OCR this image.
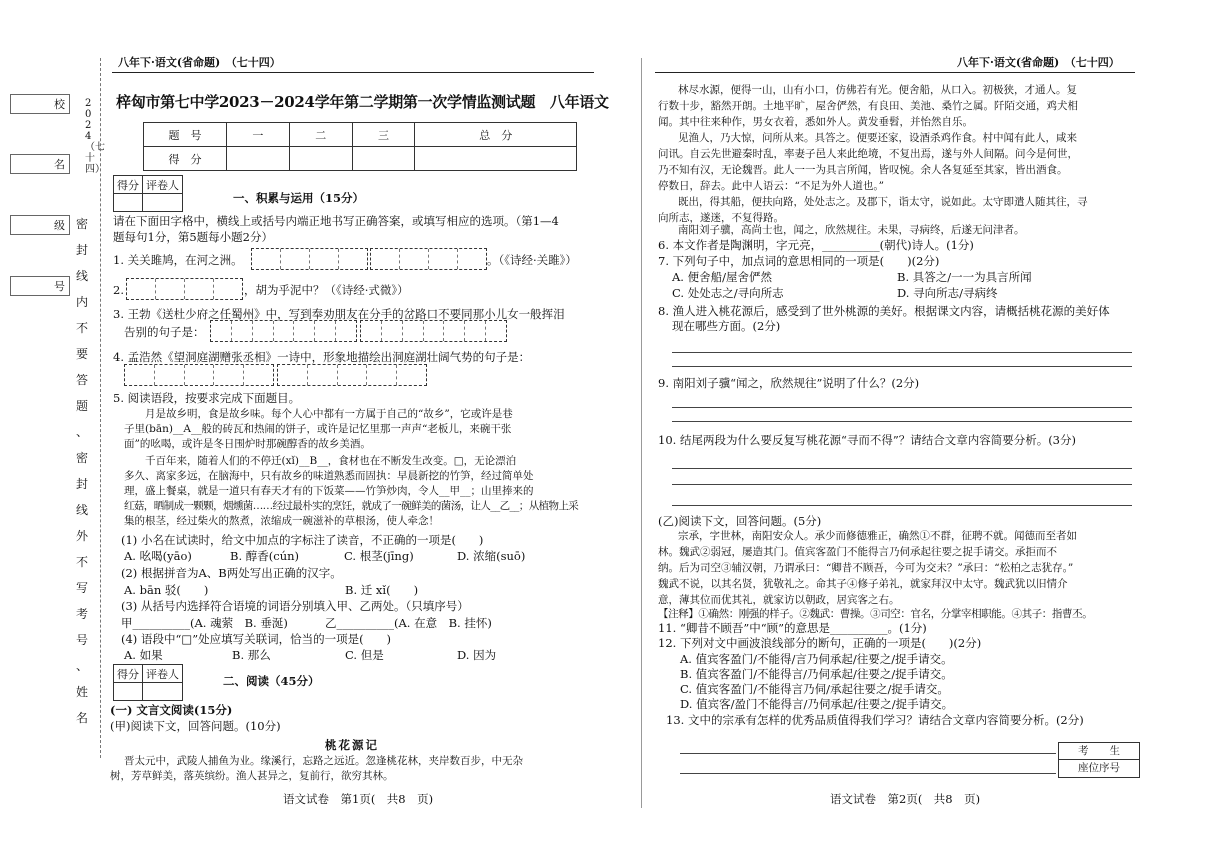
2024（七十四）
校
名
级
号
密
封
线
内
不
要
答
题
、
密
封
线
外
不
写
考
号
、
姓
名
八年下·语文(省命题)　（七十四）
梓匈市第七中学2023－2024学年第二学期第一次学情监测试题　八年语文
题　号	一	二	三	总　分
得　分				
得分	评卷人

一、积累与运用（15分）
请在下面田字格中，横线上或括号内端正地书写正确答案，或填写相应的选项。（第1—4
题每句1分，第5题每小题2分）
1. 关关雎鸠，在河之洲。	。（《诗经·关雎》）
2.	，胡为乎泥中？（《诗经·式微》）
3. 王勃《送杜少府之任蜀州》中，写到奉劝朋友在分手的岔路口不要同那小儿女一般挥泪
告别的句子是：
4. 孟浩然《望洞庭湖赠张丞相》一诗中，形象地描绘出洞庭湖壮阔气势的句子是：
5. 阅读语段，按要求完成下面题目。
月是故乡明，食是故乡味。每个人心中都有一方属于自己的“故乡”，它或许是巷
子里(bān)__A__般的砖瓦和热闹的饼子，或许是记忆里那一声声“老板儿，来碗干张
面”的吆喝，或许是冬日围炉时那碗醇香的故乡美酒。
千百年来，随着人们的不停迁(xǐ)__B__，食材也在不断发生改变。□，无论漂泊
多久、离家多远，在脑海中，只有故乡的味道熟悉而固执：早晨新挖的竹笋，经过简单处
理，盛上餐桌，就是一道只有春天才有的下饭菜——竹笋炒肉，令人__甲__；山里捧来的
红菇，晒制成一颗颗，烟燻菌……经过最朴实的烹饪，就成了一碗鲜美的菌汤，让人__乙__；从植物上采
集的根茎，经过柴火的熬煮，浓缩成一碗滋补的草根汤，使人牵念！
(1) 小名在试读时，给文中加点的字标注了读音，不正确的一项是(　　)
A. 吆喝(yāo)	B. 醇香(cún)	C. 根茎(jīng)	D. 浓缩(suō)
(2) 根据拼音为A、B两处写出正确的汉字。
A. bān 驳(　　)	B. 迁 xǐ(　　)
(3) 从括号内选择符合语境的词语分别填入甲、乙两处。（只填序号）
甲__________(A. 魂萦　B. 垂涎)	乙__________(A. 在意　B. 挂怀)
(4) 语段中“□”处应填写关联词，恰当的一项是(　　)
A. 如果	B. 那么	C. 但是	D. 因为
得分	评卷人
		二、阅读（45分）
(一) 文言文阅读(15分)
(甲)阅读下文，回答问题。(10分)
桃花源记
晋太元中，武陵人捕鱼为业。缘溪行，忘路之远近。忽逢桃花林，夹岸数百步，中无杂
树，芳草鲜美，落英缤纷。渔人甚异之，复前行，欲穷其林。
语文试卷　第1页(　共8　页)
八年下·语文(省命题)　（七十四）
林尽水源，便得一山，山有小口，仿佛若有光。便舍船，从口入。初极狭，才通人。复
行数十步，豁然开朗。土地平旷，屋舍俨然，有良田、美池、桑竹之属。阡陌交通，鸡犬相
闻。其中往来种作，男女衣着，悉如外人。黄发垂髫，并怡然自乐。
见渔人，乃大惊，问所从来。具答之。便要还家，设酒杀鸡作食。村中闻有此人，咸来
问讯。自云先世避秦时乱，率妻子邑人来此绝境，不复出焉，遂与外人间隔。问今是何世，
乃不知有汉，无论魏晋。此人一一为具言所闻，皆叹惋。余人各复延至其家，皆出酒食。
停数日，辞去。此中人语云：“不足为外人道也。”
既出，得其船，便扶向路，处处志之。及郡下，诣太守，说如此。太守即遣人随其往，寻
向所志，遂迷，不复得路。
南阳刘子骥，高尚士也，闻之，欣然规往。未果，寻病终，后遂无问津者。
6. 本文作者是陶渊明，字元亮，__________(朝代)诗人。(1分)
7. 下列句子中，加点词的意思相同的一项是(　　)(2分)
A. 便舍船/屋舍俨然	B. 具答之/一一为具言所闻
C. 处处志之/寻向所志	D. 寻向所志/寻病终
8. 渔人进入桃花源后，感受到了世外桃源的美好。根据课文内容，请概括桃花源的美好体
现在哪些方面。(2分)
9. 南阳刘子骥“闻之，欣然规往”说明了什么？(2分)
10. 结尾两段为什么要反复写桃花源“寻而不得”？请结合文章内容简要分析。(3分)
(乙)阅读下文，回答问题。(5分)
宗承，字世林，南阳安众人。承少而修德雅正，确然①不群，征聘不就。闻德而至者如
林。魏武②弱冠，屡造其门。值宾客盈门不能得言乃伺承起往要之捉手请交。承拒而不
纳。后为司空③辅汉朝，乃谓承曰：“卿昔不顾吾，今可为交未？”承曰：“松柏之志犹存。”
魏武不说，以其名贤，犹敬礼之。命其子④修子弟礼，就家拜汉中太守。魏武犹以旧情介
意，薄其位而优其礼，就家访以朝政，居宾客之右。
【注释】①确然：刚强的样子。②魏武：曹操。③司空：官名，分掌宰相职能。④其子：指曹丕。
11. “卿昔不顾吾”中“顾”的意思是__________。(1分)
12. 下列对文中画波浪线部分的断句，正确的一项是(　　)(2分)
A. 值宾客盈门/不能得/言乃伺承起/往要之/捉手请交。
B. 值宾客盈门/不能得言/乃伺承起/往要之/捉手请交。
C. 值宾客盈门/不能得言乃伺/承起往要之/捉手请交。
D. 值宾客/盈门不能得言/乃伺承起/往要之/捉手请交。
13. 文中的宗承有怎样的优秀品质值得我们学习？请结合文章内容简要分析。(2分)
考　　生
座位序号
语文试卷　第2页(　共8　页)
